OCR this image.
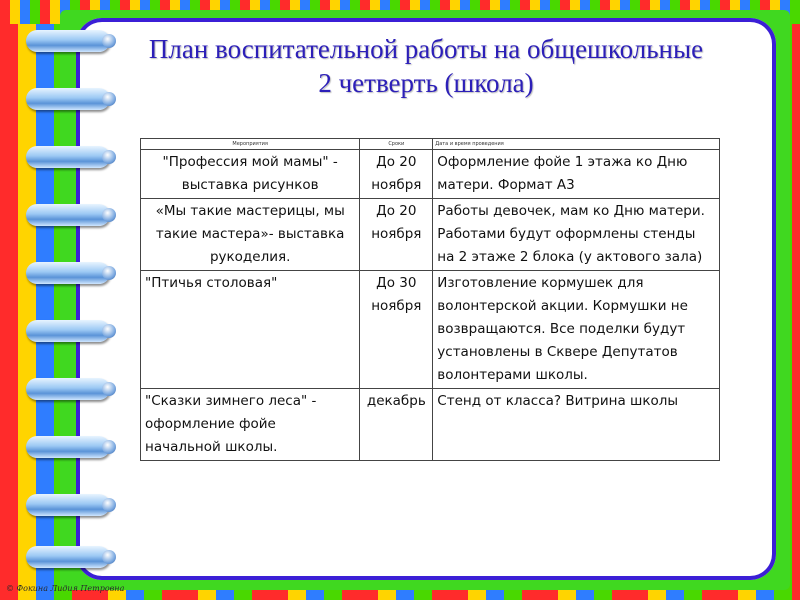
План воспитательной работы на общешкольные
2 четверть (школа)
Мероприятия	Сроки	Дата и время проведения
"Профессия мой мамы" - выставка рисунков	До 20 ноября	Оформление фойе 1 этажа ко Дню матери. Формат А3
«Мы такие мастерицы, мы такие мастера»- выставка рукоделия.	До 20 ноября	Работы девочек, мам ко Дню матери. Работами будут оформлены стенды на 2 этаже 2 блока (у актового зала)
"Птичья столовая"	До 30 ноября	Изготовление кормушек для волонтерской акции. Кормушки не возвращаются. Все поделки будут установлены в Сквере Депутатов волонтерами школы.
"Сказки зимнего леса" - оформление фойе начальной школы.	декабрь	Стенд от класса? Витрина школы
© Фокина Лидия Петровна
